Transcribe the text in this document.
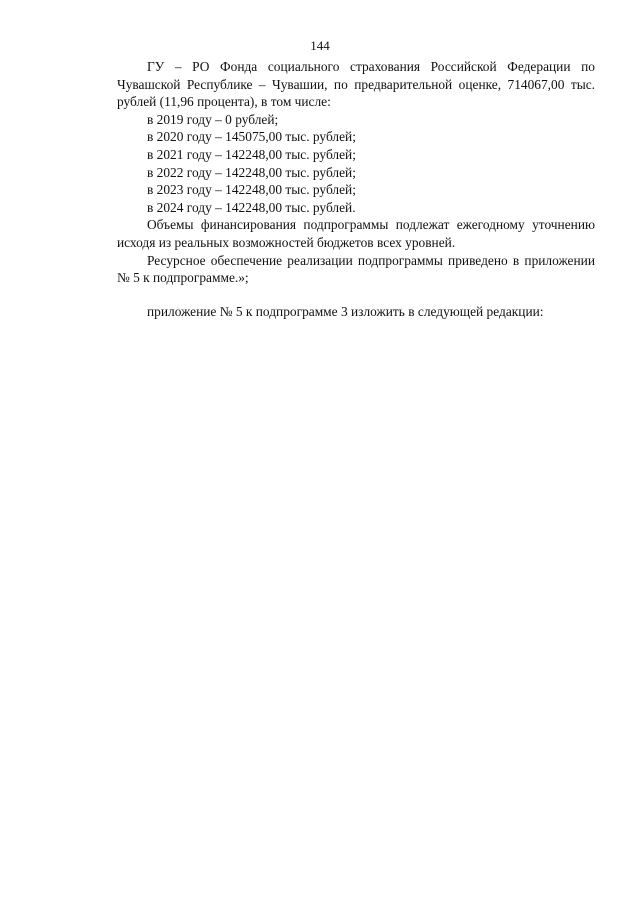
144

ГУ – РО Фонда социального страхования Российской Федерации по Чувашской Республике – Чувашии, по предварительной оценке, 714067,00 тыс. рублей (11,96 процента), в том числе:

в 2019 году – 0 рублей;

в 2020 году – 145075,00 тыс. рублей;

в 2021 году – 142248,00 тыс. рублей;

в 2022 году – 142248,00 тыс. рублей;

в 2023 году – 142248,00 тыс. рублей;

в 2024 году – 142248,00 тыс. рублей.

Объемы финансирования подпрограммы подлежат ежегодному уточнению исходя из реальных возможностей бюджетов всех уровней.

Ресурсное обеспечение реализации подпрограммы приведено в приложении № 5 к подпрограмме.»;

приложение № 5 к подпрограмме 3 изложить в следующей редакции:
